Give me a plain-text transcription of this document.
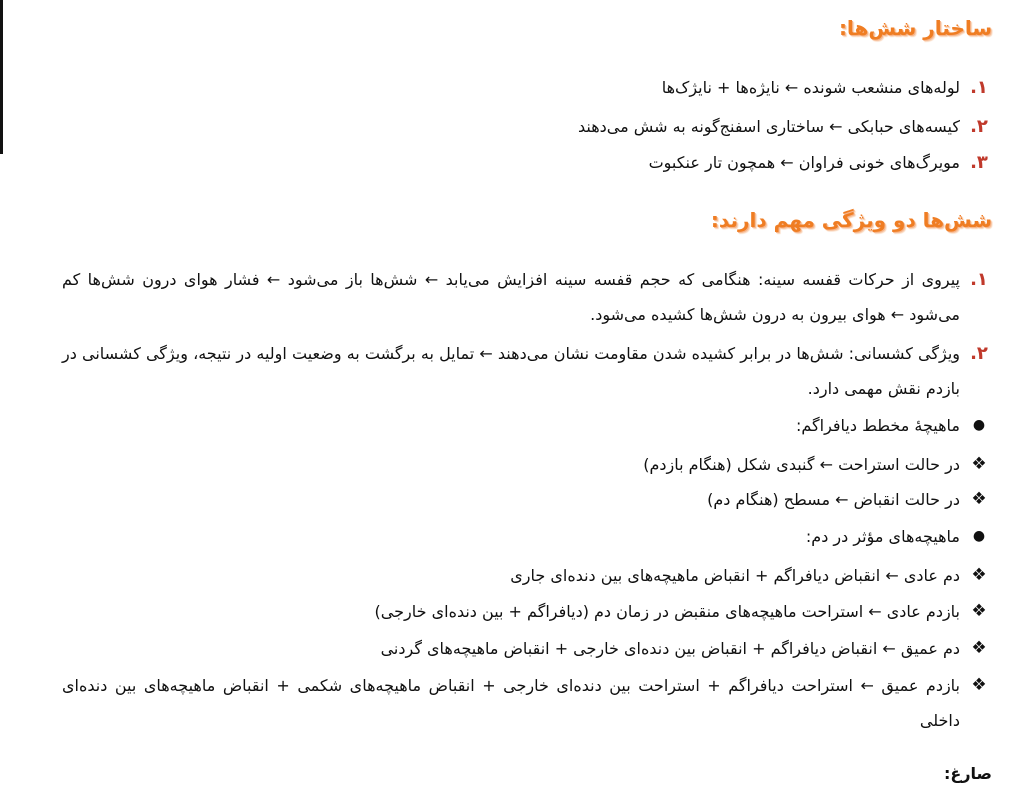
ساختار شش‌ها:
۱.
لوله‌های منشعب شونده ← نایژه‌ها + نایژک‌ها
۲.
کیسه‌های حبابکی ← ساختاری اسفنج‌گونه به شش می‌دهند
۳.
مویرگ‌های خونی فراوان ← همچون تار عنکبوت
شش‌ها دو ویژگی مهم دارند:
۱.
پیروی از حرکات قفسه سینه: هنگامی که حجم قفسه سینه افزایش می‌یابد ← شش‌ها باز می‌شود ← فشار هوای درون شش‌ها کم می‌شود ← هوای بیرون به درون شش‌ها کشیده می‌شود.
۲.
ویژگی کشسانی: شش‌ها در برابر کشیده شدن مقاومت نشان می‌دهند ← تمایل به برگشت به وضعیت اولیه در نتیجه، ویژگی کشسانی در بازدم نقش مهمی دارد.
●
ماهیچۀ مخطط دیافراگم:
❖
در حالت استراحت ← گنبدی شکل (هنگام بازدم)
❖
در حالت انقباض ← مسطح (هنگام دم)
●
ماهیچه‌های مؤثر در دم:
❖
دم عادی ← انقباض دیافراگم + انقباض ماهیچه‌های بین دنده‌ای جاری
❖
بازدم عادی ← استراحت ماهیچه‌های منقبض در زمان دم (دیافراگم + بین دنده‌ای خارجی)
❖
دم عمیق ← انقباض دیافراگم + انقباض بین دنده‌ای خارجی + انقباض ماهیچه‌های گردنی
❖
بازدم عمیق ← استراحت دیافراگم + استراحت بین دنده‌ای خارجی + انقباض ماهیچه‌های شکمی + انقباض ماهیچه‌های بین دنده‌ای داخلی
صارغ:
